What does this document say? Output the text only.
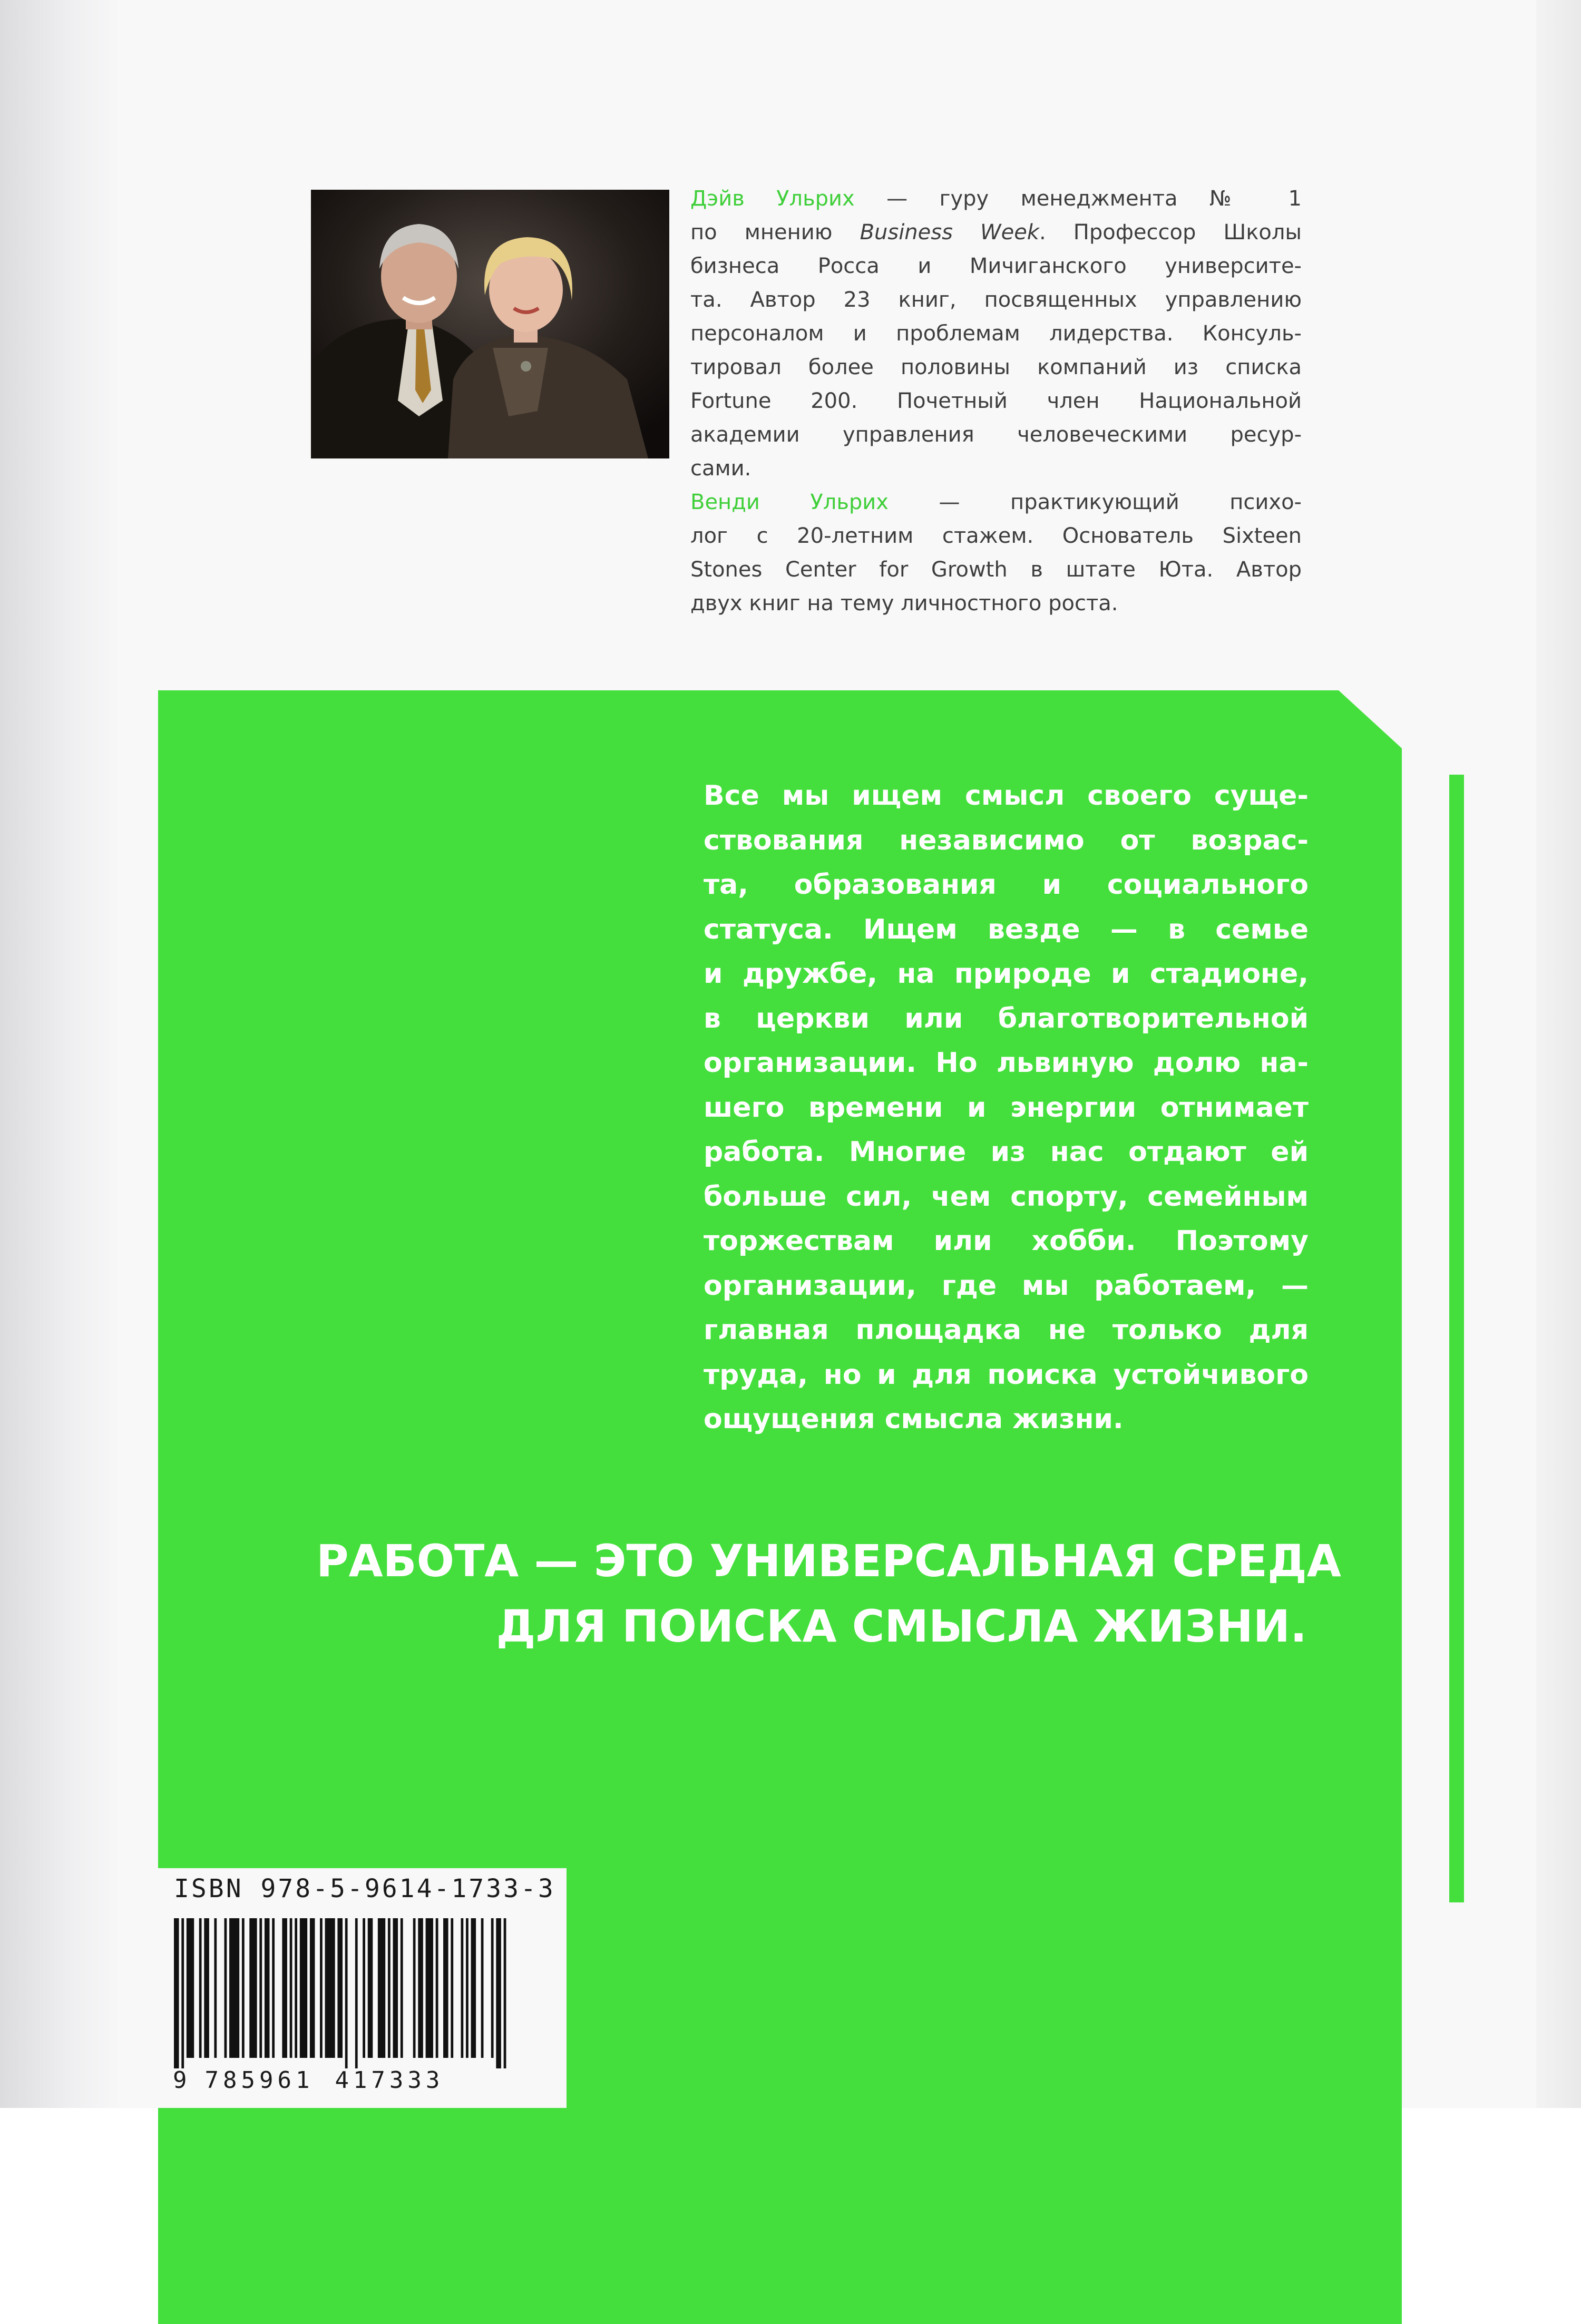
Дэйв Ульрих — гуру менеджмента № 1
по мнению Business Week. Профессор Школы
бизнеса Росса и Мичиганского университе-
та. Автор 23 книг, посвященных управлению
персоналом и проблемам лидерства. Консуль-
тировал более половины компаний из списка
Fortune 200. Почетный член Национальной
академии управления человеческими ресур-
сами.
Венди Ульрих — практикующий психо-
лог с 20-летним стажем. Основатель Sixteen
Stones Center for Growth в штате Юта. Автор
двух книг на тему личностного роста.
Все мы ищем смысл своего суще-
ствования независимо от возрас-
та, образования и социального
статуса. Ищем везде — в семье
и дружбе, на природе и стадионе,
в церкви или благотворительной
организации. Но львиную долю на-
шего времени и энергии отнимает
работа. Многие из нас отдают ей
больше сил, чем спорту, семейным
торжествам или хобби. Поэтому
организации, где мы работаем, —
главная площадка не только для
труда, но и для поиска устойчивого
ощущения смысла жизни.
РАБОТА — ЭТО УНИВЕРСАЛЬНАЯ СРЕДА
ДЛЯ ПОИСКА СМЫСЛА ЖИЗНИ.
ISBN 978-5-9614-1733-3
9 785961 417333
